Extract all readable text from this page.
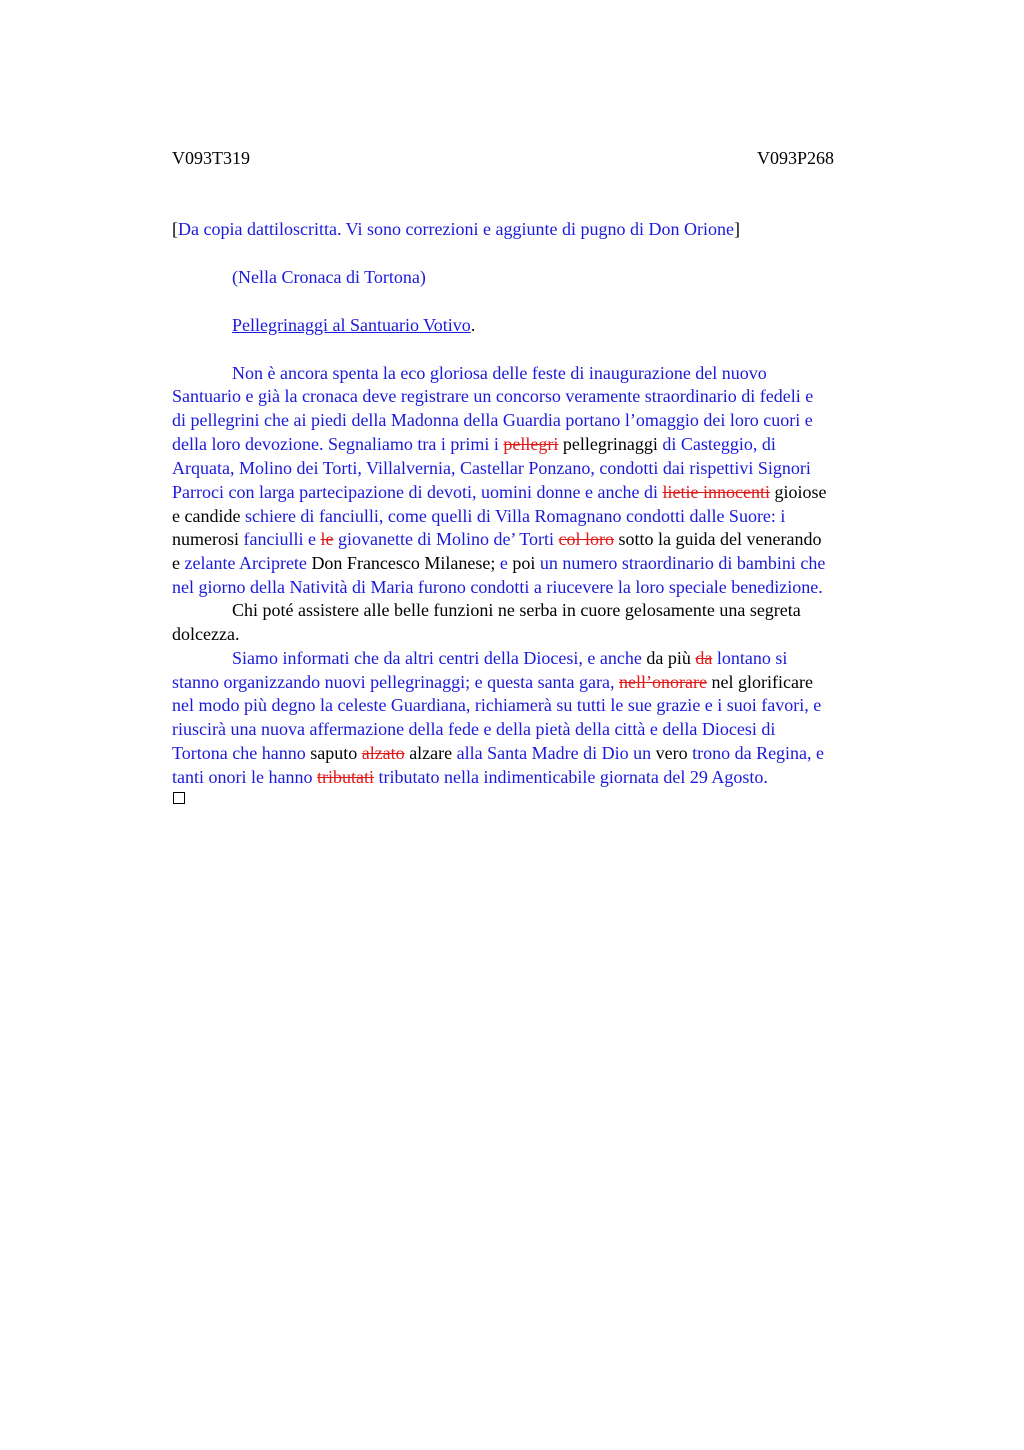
V093T319	V093P268
[Da copia dattiloscritta. Vi sono correzioni e aggiunte di pugno di Don Orione]
(Nella Cronaca di Tortona)
Pellegrinaggi al Santuario Votivo.
Non è ancora spenta la eco gloriosa delle feste di inaugurazione del nuovo
Santuario e già la cronaca deve registrare un concorso veramente straordinario di fedeli e
di pellegrini che ai piedi della Madonna della Guardia portano l’omaggio dei loro cuori e
della loro devozione. Segnaliamo tra i primi i pellegri pellegrinaggi di Casteggio, di
Arquata, Molino dei Torti, Villalvernia, Castellar Ponzano, condotti dai rispettivi Signori
Parroci con larga partecipazione di devoti, uomini donne e anche di lietie innocenti gioiose
e candide schiere di fanciulli, come quelli di Villa Romagnano condotti dalle Suore: i
numerosi fanciulli e le giovanette di Molino de’ Torti col loro sotto la guida del venerando
e zelante Arciprete Don Francesco Milanese; e poi un numero straordinario di bambini che
nel giorno della Natività di Maria furono condotti a riucevere la loro speciale benedizione.
Chi poté assistere alle belle funzioni ne serba in cuore gelosamente una segreta
dolcezza.
Siamo informati che da altri centri della Diocesi, e anche da più da lontano si
stanno organizzando nuovi pellegrinaggi; e questa santa gara, nell’onorare nel glorificare
nel modo più degno la celeste Guardiana, richiamerà su tutti le sue grazie e i suoi favori, e
riuscirà una nuova affermazione della fede e della pietà della città e della Diocesi di
Tortona che hanno saputo alzato alzare alla Santa Madre di Dio un vero trono da Regina, e
tanti onori le hanno tributati tributato nella indimenticabile giornata del 29 Agosto.
